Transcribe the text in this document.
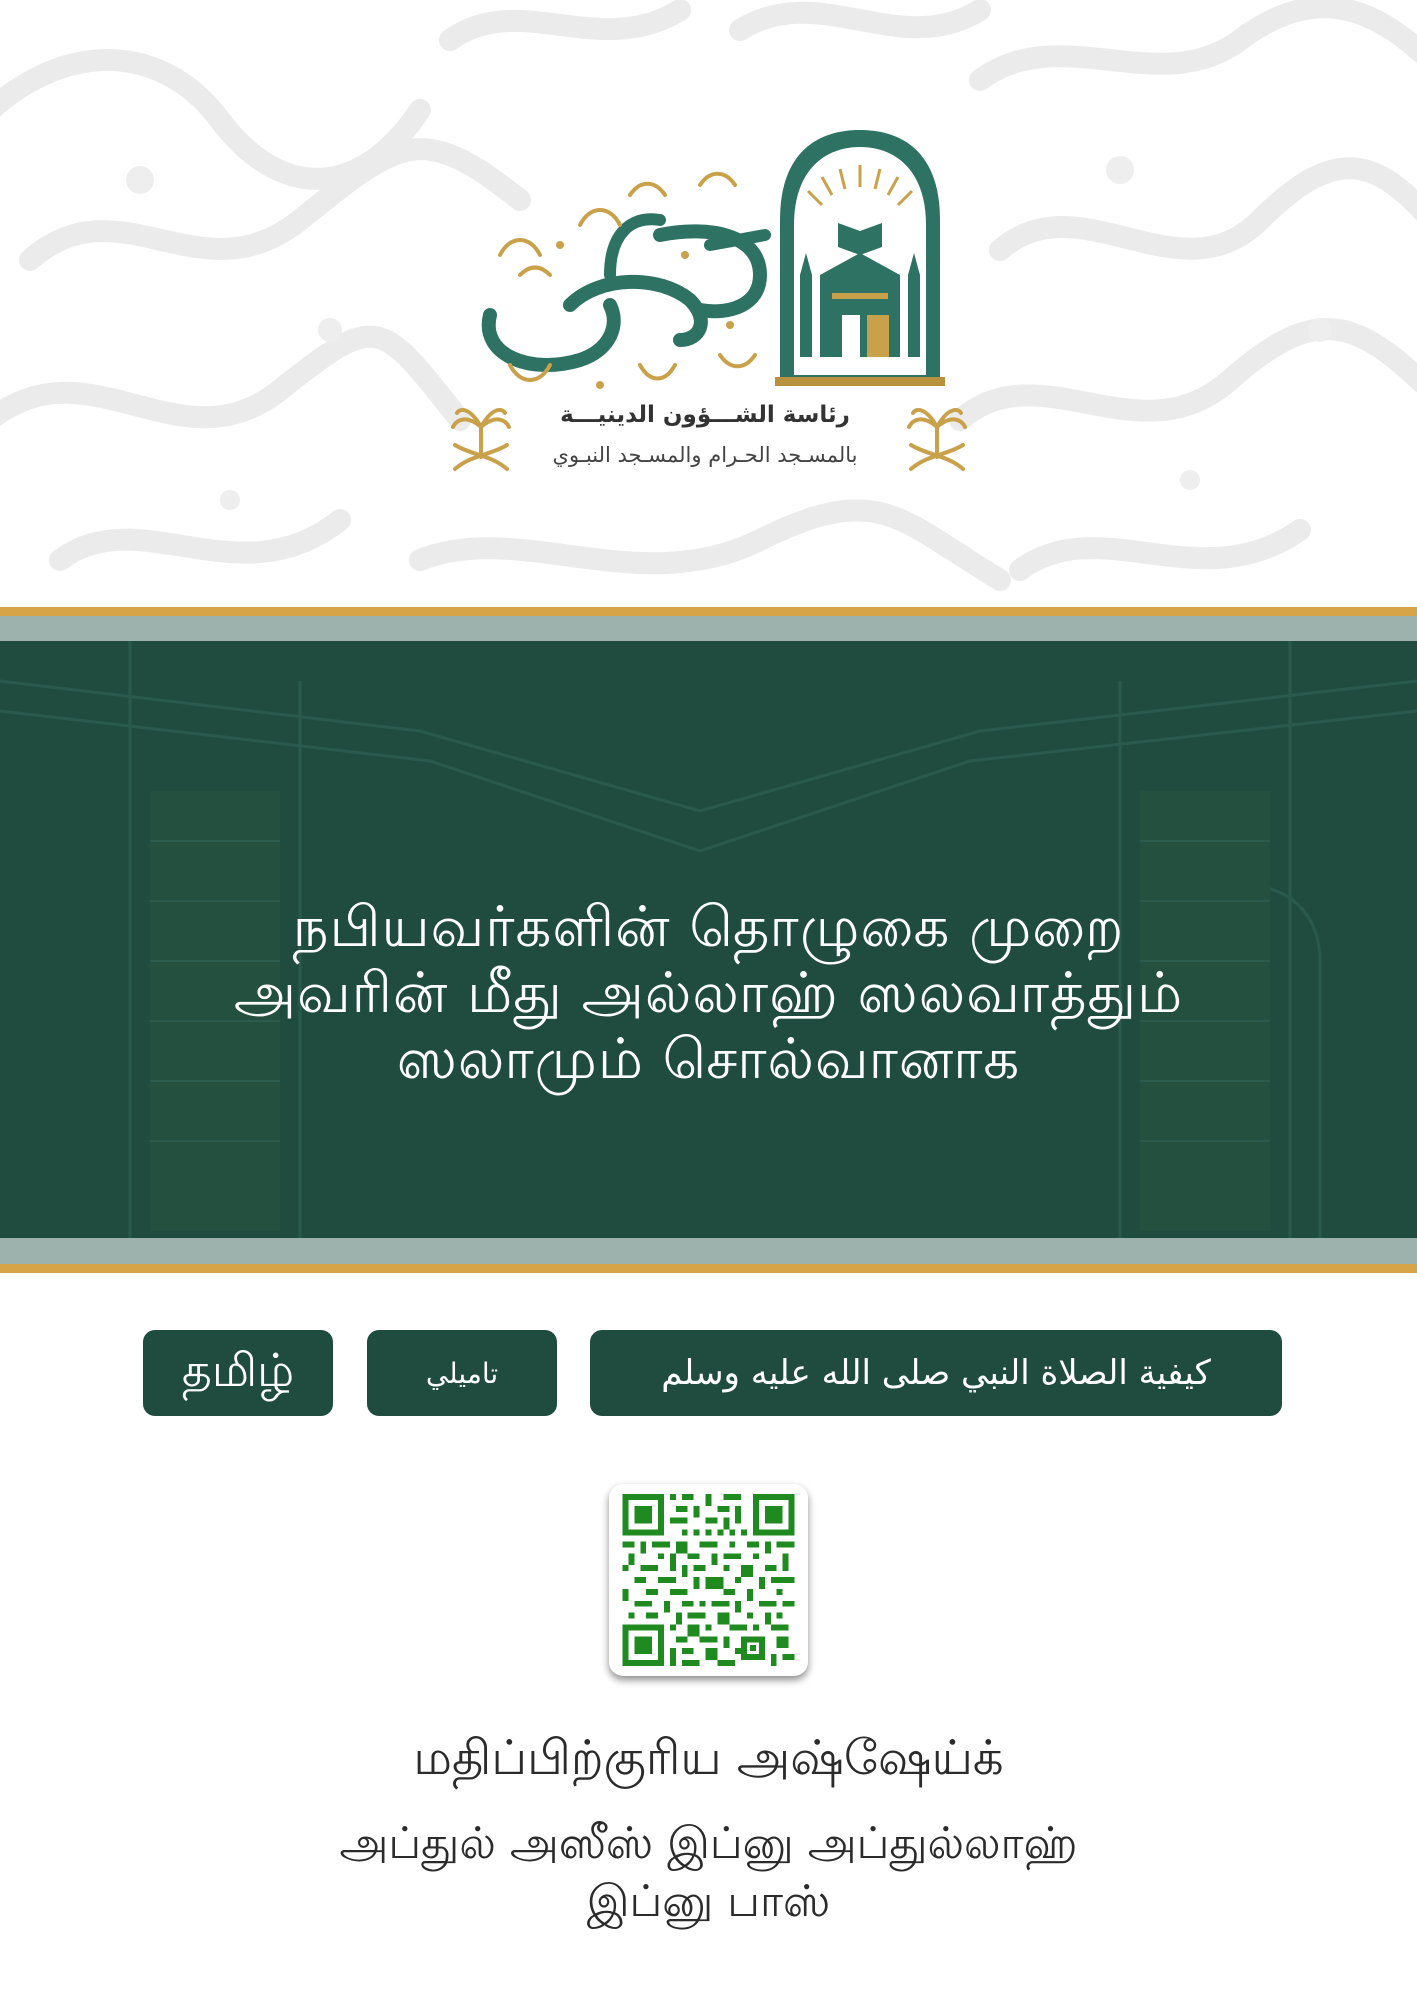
رئاسة الشـــؤون الدينيـــة
بالمسـجد الحـرام والمسـجد النبـوي
நபியவர்களின் தொழுகை முறை
அவரின் மீது அல்லாஹ் ஸலவாத்தும்
ஸலாமும் சொல்வானாக
தமிழ்	تاميلي	كيفية الصلاة النبي صلى الله عليه وسلم
மதிப்பிற்குரிய அஷ்ஷேய்க்
அப்துல் அஸீஸ் இப்னு அப்துல்லாஹ்
இப்னு பாஸ்
